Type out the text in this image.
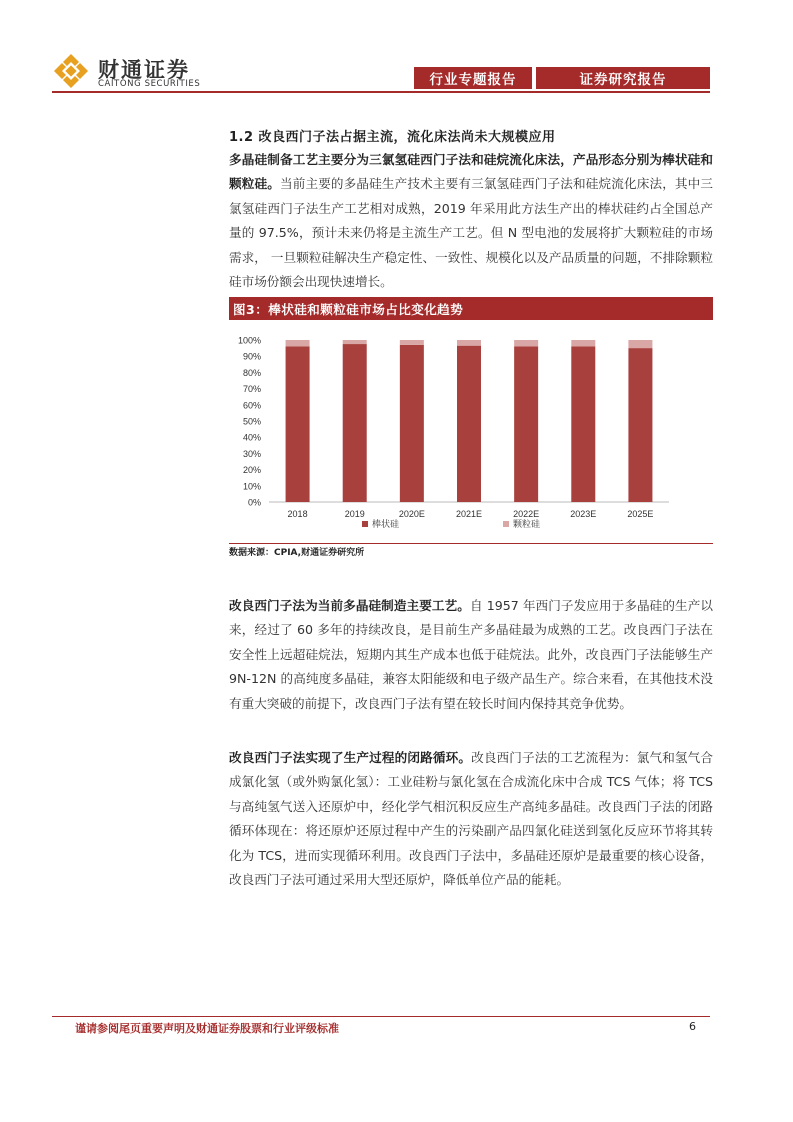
财通证券
CAITONG SECURITIES	行业专题报告	证券研究报告
1.2 改良西门子法占据主流，流化床法尚未大规模应用
多晶硅制备工艺主要分为三氯氢硅西门子法和硅烷流化床法，产品形态分别为棒状硅和颗粒硅。当前主要的多晶硅生产技术主要有三氯氢硅西门子法和硅烷流化床法，其中三氯氢硅西门子法生产工艺相对成熟，2019 年采用此方法生产出的棒状硅约占全国总产量的 97.5%，预计未来仍将是主流生产工艺。但 N 型电池的发展将扩大颗粒硅的市场需求， 一旦颗粒硅解决生产稳定性、一致性、规模化以及产品质量的问题，不排除颗粒硅市场份额会出现快速增长。
图3：棒状硅和颗粒硅市场占比变化趋势
0%
10%
20%
30%
40%
50%
60%
70%
80%
90%
100%
2018	2019	2020E	2021E	2022E	2023E	2025E
棒状硅	颗粒硅
数据来源：CPIA,财通证券研究所
改良西门子法为当前多晶硅制造主要工艺。自 1957 年西门子发应用于多晶硅的生产以来，经过了 60 多年的持续改良，是目前生产多晶硅最为成熟的工艺。改良西门子法在安全性上远超硅烷法，短期内其生产成本也低于硅烷法。此外，改良西门子法能够生产 9N-12N 的高纯度多晶硅，兼容太阳能级和电子级产品生产。综合来看，在其他技术没有重大突破的前提下，改良西门子法有望在较长时间内保持其竞争优势。
改良西门子法实现了生产过程的闭路循环。改良西门子法的工艺流程为：氯气和氢气合成氯化氢（或外购氯化氢）：工业硅粉与氯化氢在合成流化床中合成 TCS 气体；将 TCS 与高纯氢气送入还原炉中，经化学气相沉积反应生产高纯多晶硅。改良西门子法的闭路循环体现在：将还原炉还原过程中产生的污染副产品四氯化硅送到氢化反应环节将其转化为 TCS，进而实现循环利用。改良西门子法中，多晶硅还原炉是最重要的核心设备，改良西门子法可通过采用大型还原炉，降低单位产品的能耗。
谨请参阅尾页重要声明及财通证券股票和行业评级标准	6
